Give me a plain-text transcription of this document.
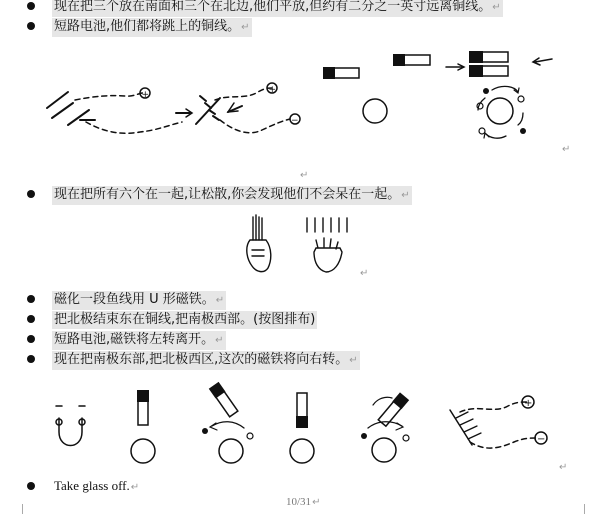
现在把三个放在南面和三个在北边,他们平放,但约有二分之一英寸远离铜线。↵
短路电池,他们都将跳上的铜线。↵
现在把所有六个在一起,让松散,你会发现他们不会呆在一起。↵
磁化一段鱼线用 U 形磁铁。↵
把北极结束东在铜线,把南极西部。(按图排布)
短路电池,磁铁将左转离开。↵
现在把南极东部,把北极西区,这次的磁铁将向右转。↵
Take glass off.↵
+	+
−
+
−
↵
↵
↵
↵
10/31↵
